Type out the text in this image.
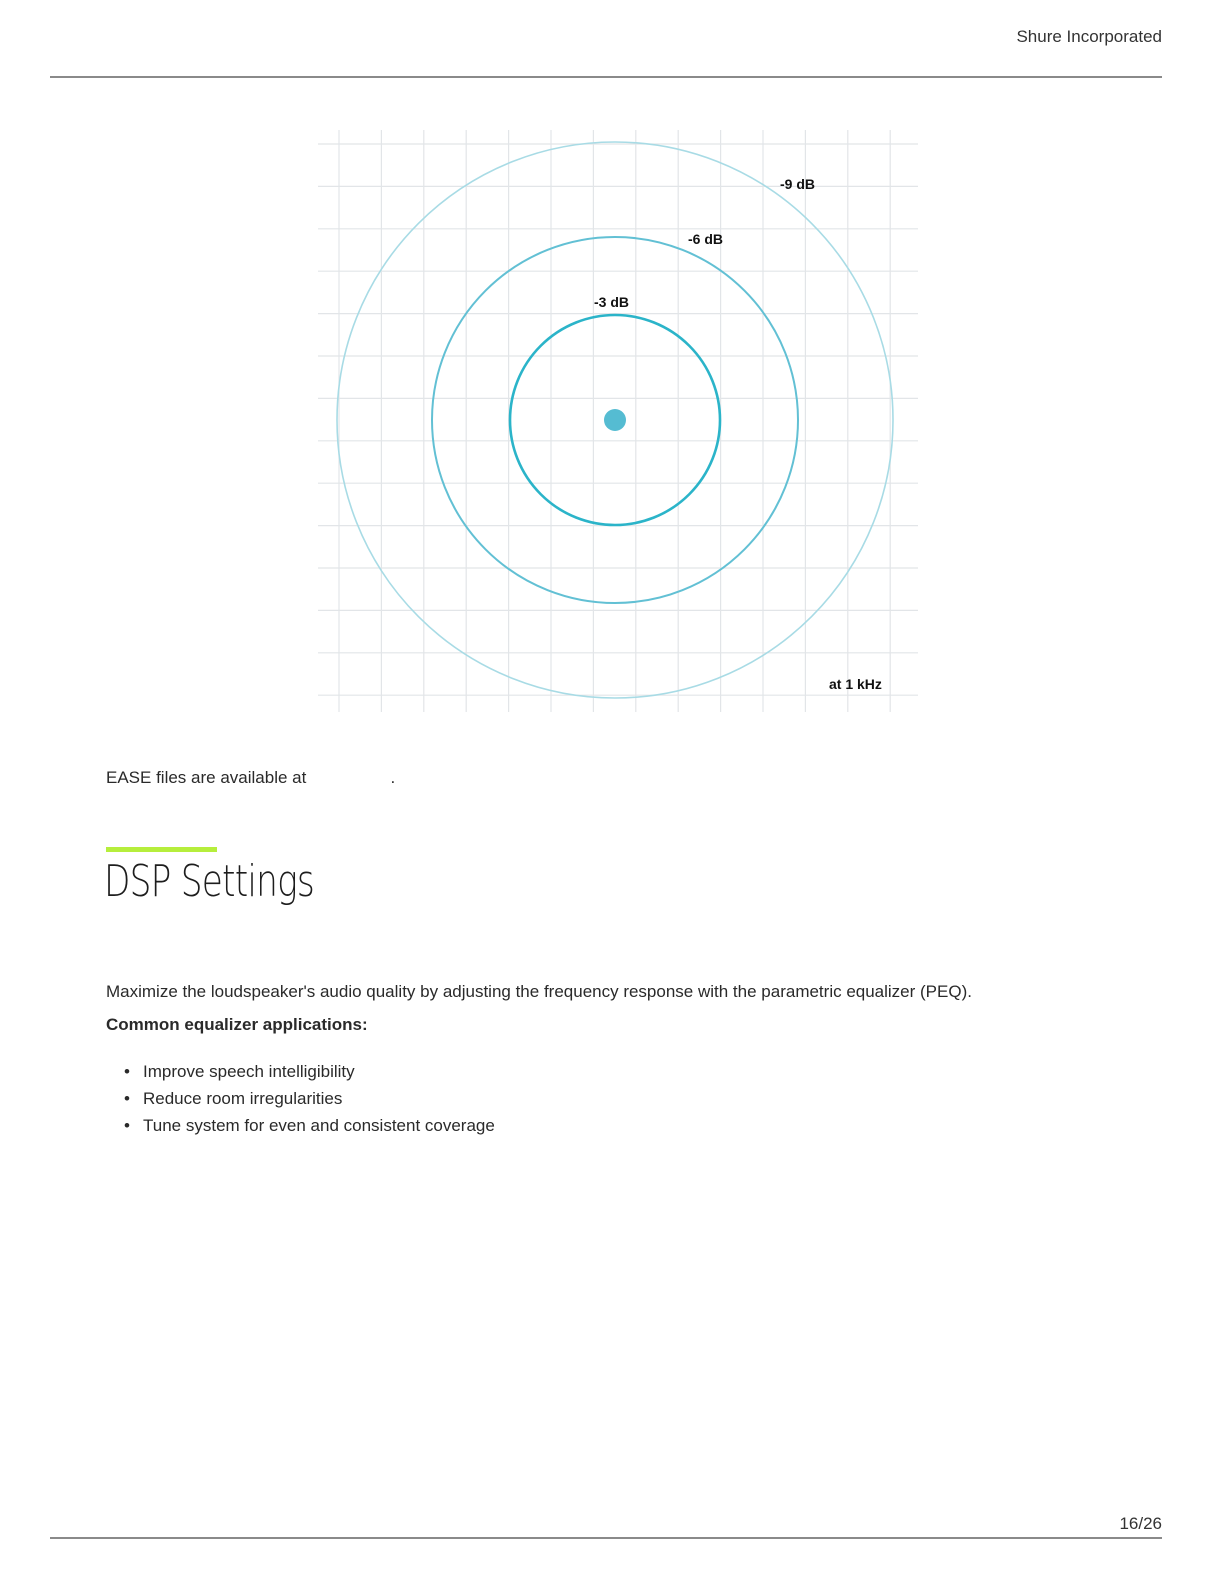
Shure Incorporated
-9 dB
-6 dB
-3 dB
at 1 kHz
EASE files are available at shure.com.
DSP Settings
Maximize the loudspeaker's audio quality by adjusting the frequency response with the parametric equalizer (PEQ).
Common equalizer applications:
• Improve speech intelligibility
• Reduce room irregularities
• Tune system for even and consistent coverage
16/26
